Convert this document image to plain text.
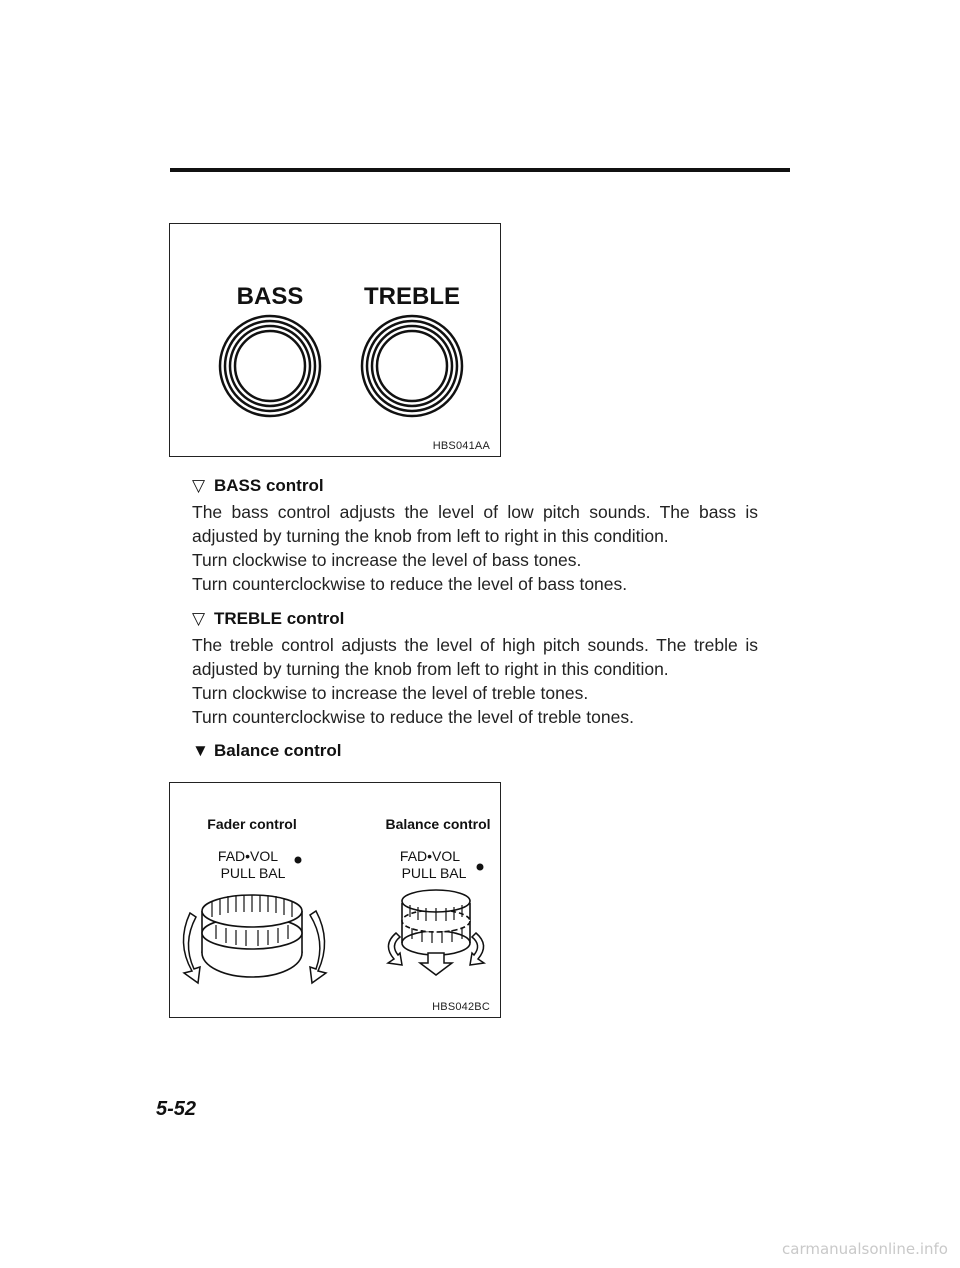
BASS	TREBLE
HBS041AA
▽ BASS control

The bass control adjusts the level of low pitch sounds. The bass is adjusted by turning the knob from left to right in this condition.

Turn clockwise to increase the level of bass tones.

Turn counterclockwise to reduce the level of bass tones.

▽ TREBLE control

The treble control adjusts the level of high pitch sounds. The treble is adjusted by turning the knob from left to right in this condition.

Turn clockwise to increase the level of treble tones.

Turn counterclockwise to reduce the level of treble tones.

▼ Balance control
Fader control	Balance control
FAD•VOL
PULL BAL
FAD•VOL
PULL BAL
HBS042BC
5-52
carmanualsonline.info
